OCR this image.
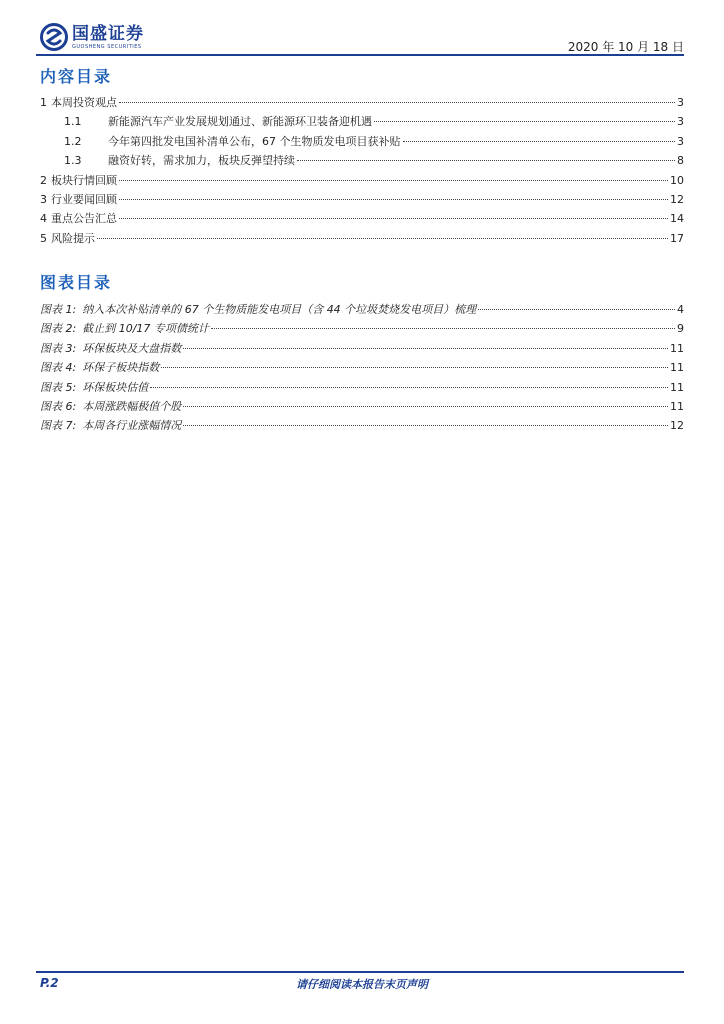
国盛证券
GUOSHENG SECURITIES	2020 年 10 月 18 日
内容目录
1 本周投资观点	3
1.1	新能源汽车产业发展规划通过、新能源环卫装备迎机遇	3
1.2	今年第四批发电国补清单公布，67 个生物质发电项目获补贴	3
1.3	融资好转，需求加力，板块反弹望持续	8
2 板块行情回顾	10
3 行业要闻回顾	12
4 重点公告汇总	14
5 风险提示	17
图表目录
图表 1: 纳入本次补贴清单的 67 个生物质能发电项目（含 44 个垃圾焚烧发电项目）梳理	4
图表 2: 截止到 10/17 专项债统计	9
图表 3: 环保板块及大盘指数	11
图表 4: 环保子板块指数	11
图表 5: 环保板块估值	11
图表 6: 本周涨跌幅极值个股	11
图表 7: 本周各行业涨幅情况	12
P.2	请仔细阅读本报告末页声明
